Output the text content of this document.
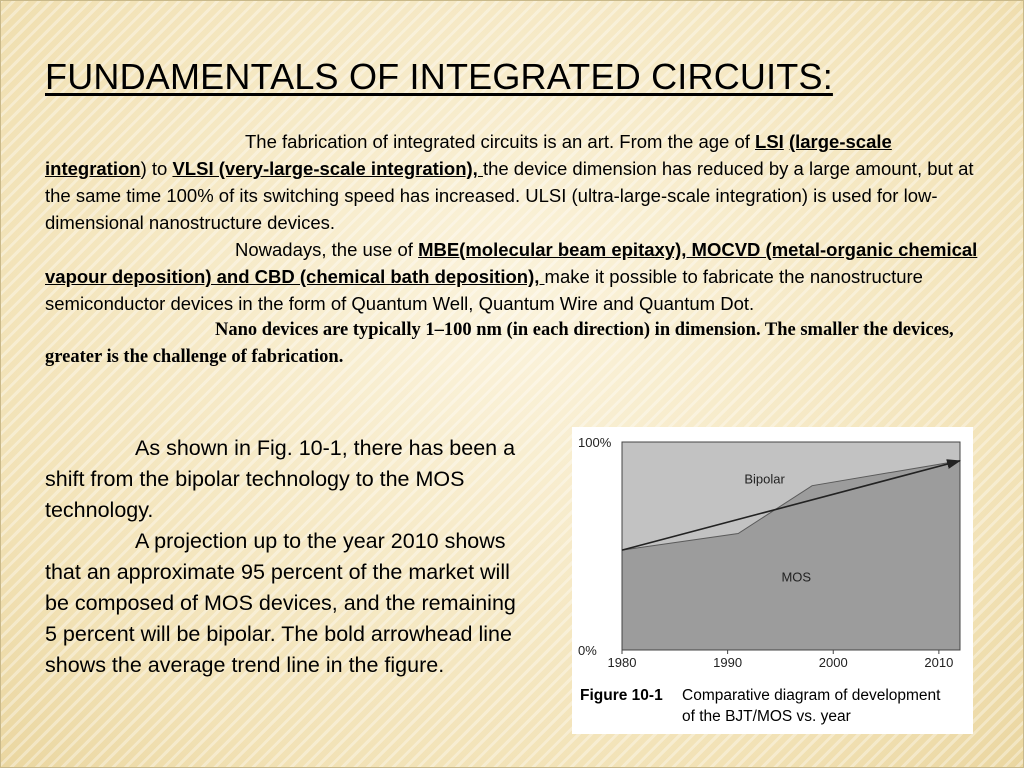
FUNDAMENTALS OF INTEGRATED CIRCUITS:

The fabrication of integrated circuits is an art. From the age of LSI (large-scale integration) to VLSI (very-large-scale integration), the device dimension has reduced by a large amount, but at the same time 100% of its switching speed has increased. ULSI (ultra-large-scale integration) is used for low-dimensional nanostructure devices.

Nowadays, the use of MBE(molecular beam epitaxy), MOCVD (metal-organic chemical vapour deposition) and CBD (chemical bath deposition), make it possible to fabricate the nanostructure semiconductor devices in the form of Quantum Well, Quantum Wire and Quantum Dot.

Nano devices are typically 1–100 nm (in each direction) in dimension. The smaller the devices, greater is the challenge of fabrication.

As shown in Fig. 10-1, there has been a shift from the bipolar technology to the MOS technology.

A projection up to the year 2010 shows that an approximate 95 percent of the market will be composed of MOS devices, and the remaining 5 percent will be bipolar. The bold arrowhead line shows the average trend line in the figure.	1980	1990	2000	2010
100%
0%
Bipolar
MOS
Figure 10-1 Comparative diagram of development
of the BJT/MOS vs. year
